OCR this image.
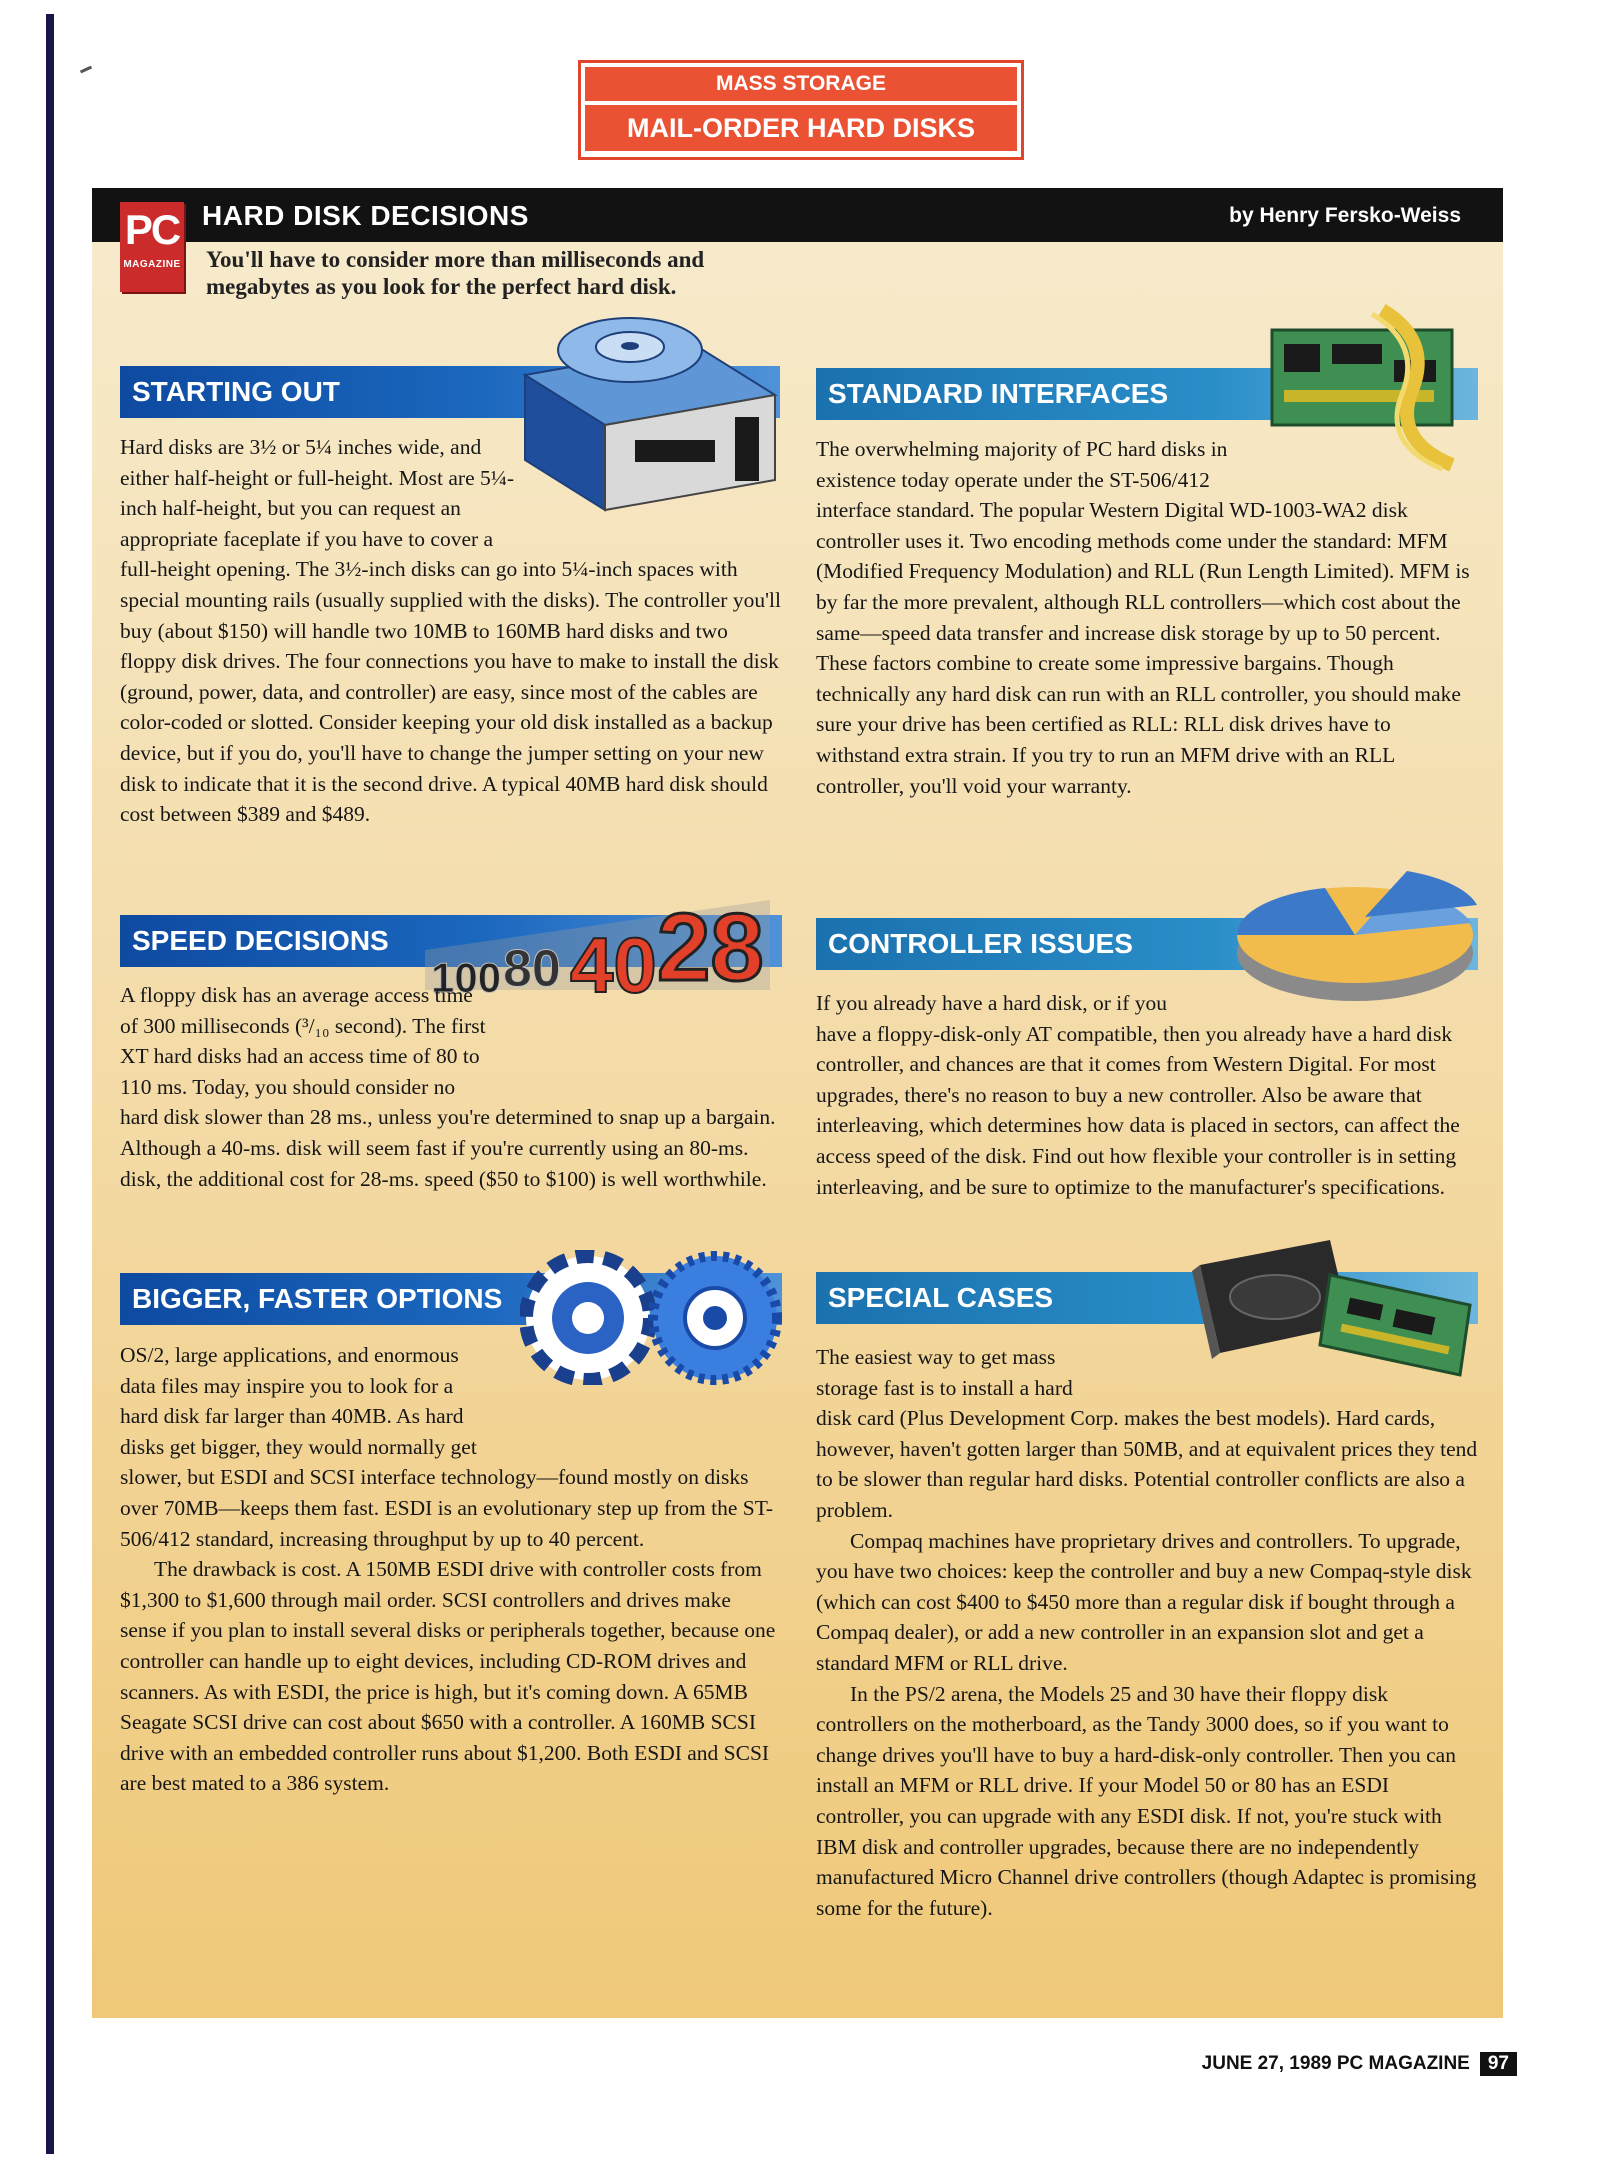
MASS STORAGE
MAIL-ORDER HARD DISKS
HARD DISK DECISIONS	by Henry Fersko-Weiss
PC
MAGAZINE You'll have to consider more than milliseconds and megabytes as you look for the perfect hard disk.
STARTING OUT

Hard disks are 3½ or 5¼ inches wide, and either half-height or full-height. Most are 5¼-inch half-height, but you can request an appropriate faceplate if you have to cover a full-height opening. The 3½-inch disks can go into 5¼-inch spaces with special mounting rails (usually supplied with the disks). The controller you'll buy (about $150) will handle two 10MB to 160MB hard disks and two floppy disk drives. The four connections you have to make to install the disk (ground, power, data, and controller) are easy, since most of the cables are color-coded or slotted. Consider keeping your old disk installed as a backup device, but if you do, you'll have to change the jumper setting on your new disk to indicate that it is the second drive. A typical 40MB hard disk should cost between $389 and $489.

SPEED DECISIONS
100 80 40 28

A floppy disk has an average access time of 300 milliseconds (³/₁₀ second). The first XT hard disks had an access time of 80 to 110 ms. Today, you should consider no hard disk slower than 28 ms., unless you're determined to snap up a bargain. Although a 40-ms. disk will seem fast if you're currently using an 80-ms. disk, the additional cost for 28-ms. speed ($50 to $100) is well worthwhile.

BIGGER, FASTER OPTIONS

OS/2, large applications, and enormous data files may inspire you to look for a hard disk far larger than 40MB. As hard disks get bigger, they would normally get slower, but ESDI and SCSI interface technology—found mostly on disks over 70MB—keeps them fast. ESDI is an evolutionary step up from the ST-506/412 standard, increasing throughput by up to 40 percent.

The drawback is cost. A 150MB ESDI drive with controller costs from $1,300 to $1,600 through mail order. SCSI controllers and drives make sense if you plan to install several disks or peripherals together, because one controller can handle up to eight devices, including CD-ROM drives and scanners. As with ESDI, the price is high, but it's coming down. A 65MB Seagate SCSI drive can cost about $650 with a controller. A 160MB SCSI drive with an embedded controller runs about $1,200. Both ESDI and SCSI are best mated to a 386 system.

STANDARD INTERFACES

The overwhelming majority of PC hard disks in existence today operate under the ST-506/412 interface standard. The popular Western Digital WD-1003-WA2 disk controller uses it. Two encoding methods come under the standard: MFM (Modified Frequency Modulation) and RLL (Run Length Limited). MFM is by far the more prevalent, although RLL controllers—which cost about the same—speed data transfer and increase disk storage by up to 50 percent. These factors combine to create some impressive bargains. Though technically any hard disk can run with an RLL controller, you should make sure your drive has been certified as RLL: RLL disk drives have to withstand extra strain. If you try to run an MFM drive with an RLL controller, you'll void your warranty.

CONTROLLER ISSUES

If you already have a hard disk, or if you have a floppy-disk-only AT compatible, then you already have a hard disk controller, and chances are that it comes from Western Digital. For most upgrades, there's no reason to buy a new controller. Also be aware that interleaving, which determines how data is placed in sectors, can affect the access speed of the disk. Find out how flexible your controller is in setting interleaving, and be sure to optimize to the manufacturer's specifications.

SPECIAL CASES

The easiest way to get mass storage fast is to install a hard disk card (Plus Development Corp. makes the best models). Hard cards, however, haven't gotten larger than 50MB, and at equivalent prices they tend to be slower than regular hard disks. Potential controller conflicts are also a problem.

Compaq machines have proprietary drives and controllers. To upgrade, you have two choices: keep the controller and buy a new Compaq-style disk (which can cost $400 to $450 more than a regular disk if bought through a Compaq dealer), or add a new controller in an expansion slot and get a standard MFM or RLL drive.

In the PS/2 arena, the Models 25 and 30 have their floppy disk controllers on the motherboard, as the Tandy 3000 does, so if you want to change drives you'll have to buy a hard-disk-only controller. Then you can install an MFM or RLL drive. If your Model 50 or 80 has an ESDI controller, you can upgrade with any ESDI disk. If not, you're stuck with IBM disk and controller upgrades, because there are no independently manufactured Micro Channel drive controllers (though Adaptec is promising some for the future).

JUNE 27, 1989 PC MAGAZINE 97
